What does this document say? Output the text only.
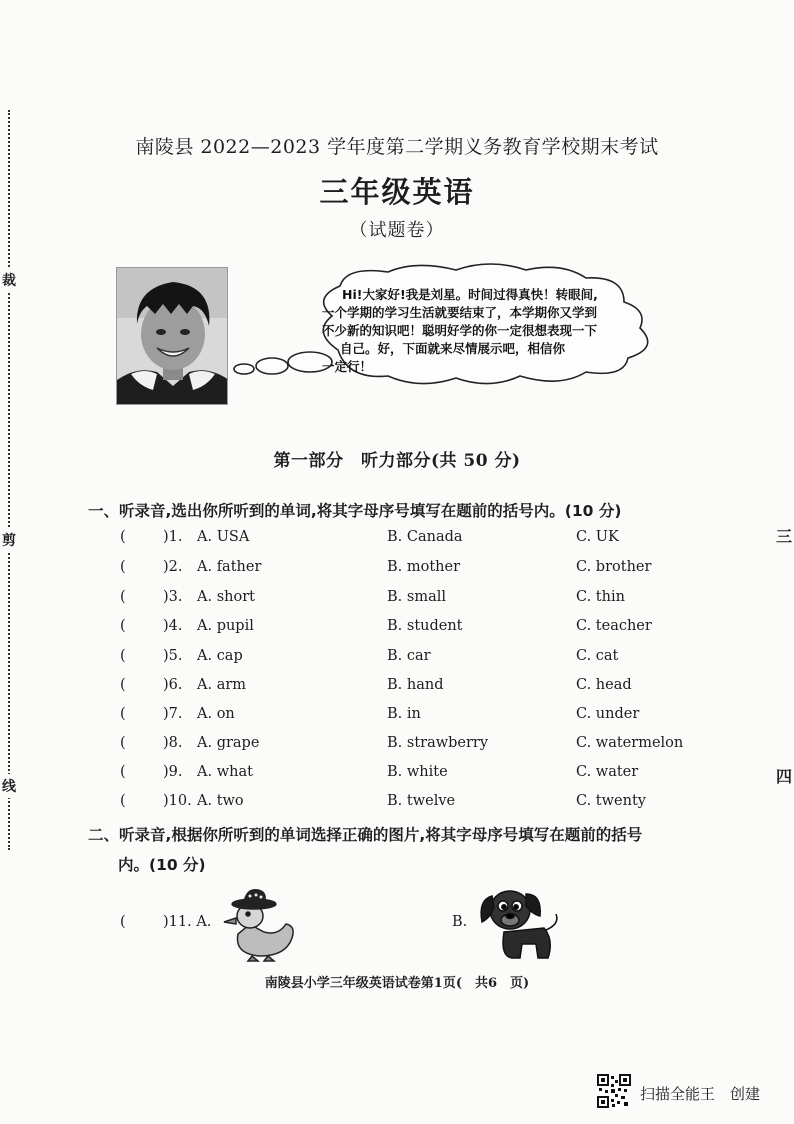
裁
剪
线
三
四
南陵县 2022—2023 学年度第二学期义务教育学校期末考试
三年级英语
（试题卷）
Hi!大家好!我是刘星。时间过得真快！转眼间,
一个学期的学习生活就要结束了，本学期你又学到
不少新的知识吧！聪明好学的你一定很想表现一下
自己。好，下面就来尽情展示吧，相信你
一定行！
第一部分　听力部分(共 50 分)
一、听录音,选出你所听到的单词,将其字母序号填写在题前的括号内。(10 分)
(	)1. A. USA	B. Canada	C. UK
(	)2. A. father	B. mother	C. brother
(	)3. A. short	B. small	C. thin
(	)4. A. pupil	B. student	C. teacher
(	)5. A. cap	B. car	C. cat
(	)6. A. arm	B. hand	C. head
(	)7. A. on	B. in	C. under
(	)8. A. grape	B. strawberry	C. watermelon
(	)9. A. what	B. white	C. water
(	)10. A. two	B. twelve	C. twenty
二、听录音,根据你所听到的单词选择正确的图片,将其字母序号填写在题前的括号
内。(10 分)
(	)11. A.	B.
南陵县小学三年级英语试卷第1页(　共6　页)
扫描全能王　创建
